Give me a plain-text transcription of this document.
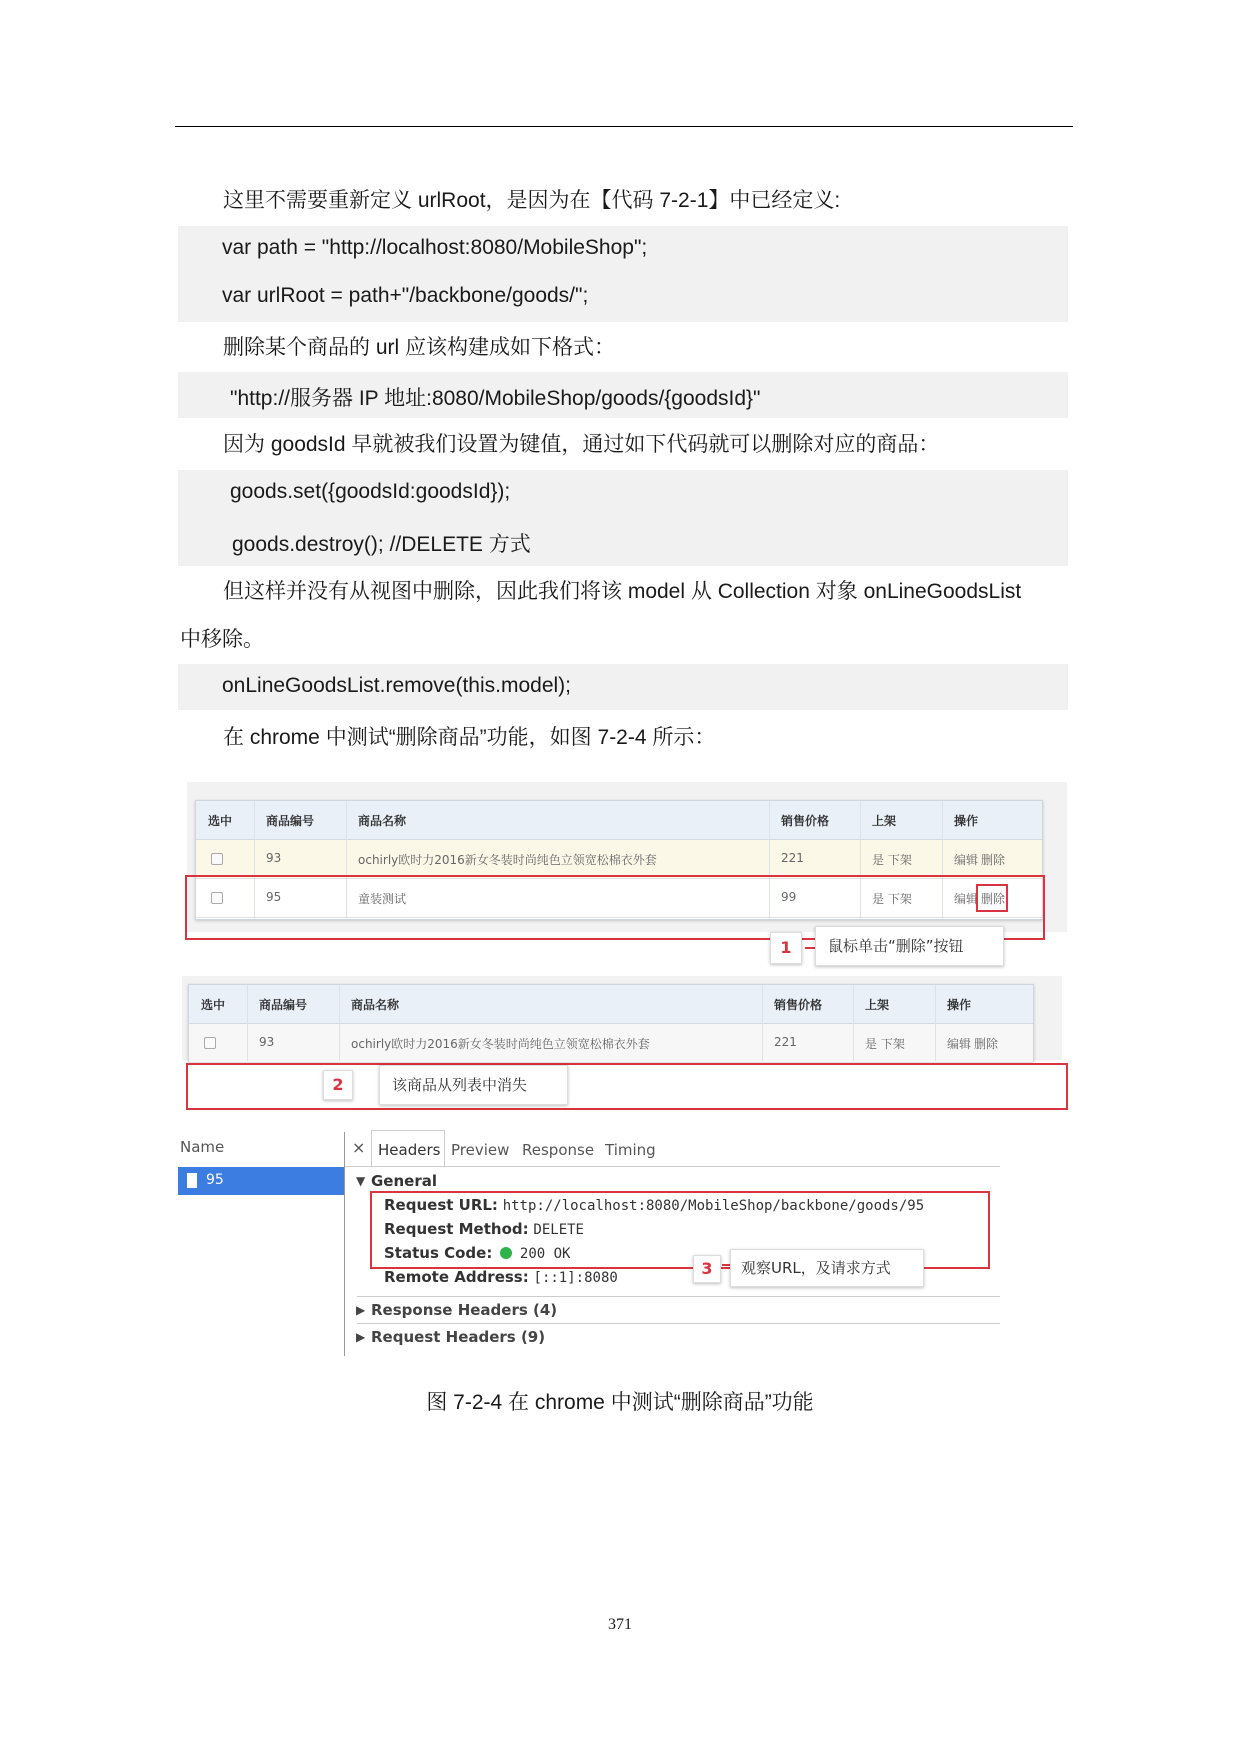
这里不需要重新定义 urlRoot，是因为在【代码 7-2-1】中已经定义:
var path = "http://localhost:8080/MobileShop";
var urlRoot = path+"/backbone/goods/";
删除某个商品的 url 应该构建成如下格式：
"http://服务器 IP 地址:8080/MobileShop/goods/{goodsId}"
因为 goodsId 早就被我们设置为键值，通过如下代码就可以删除对应的商品：
goods.set({goodsId:goodsId});
goods.destroy(); //DELETE 方式
但这样并没有从视图中删除，因此我们将该 model 从 Collection 对象 onLineGoodsList
中移除。
onLineGoodsList.remove(this.model);
在 chrome 中测试“删除商品”功能，如图 7-2-4 所示：
选中	商品编号	商品名称	销售价格	上架	操作
93	ochirly欧时力2016新女冬装时尚纯色立领宽松棉衣外套	221	是 下架	编辑 删除
95	童装测试	99	是 下架	编辑 删除
1	鼠标单击“删除”按钮
选中	商品编号	商品名称	销售价格	上架	操作
93	ochirly欧时力2016新女冬装时尚纯色立领宽松棉衣外套	221	是 下架	编辑 删除
2	该商品从列表中消失
Name
95
× Headers Preview Response Timing
▼ General
Request URL: http://localhost:8080/MobileShop/backbone/goods/95
Request Method: DELETE
Status Code: 200 OK
Remote Address: [::1]:8080	3	观察URL，及请求方式
▶ Response Headers (4)
▶ Request Headers (9)
图 7-2-4 在 chrome 中测试“删除商品”功能
371
